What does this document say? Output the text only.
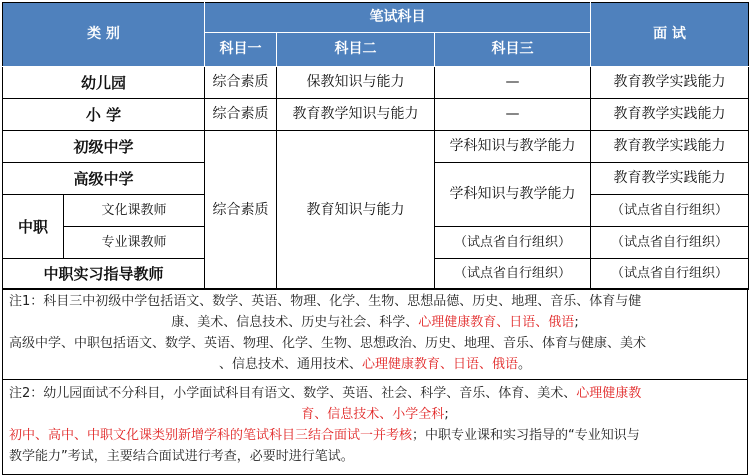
类 别		笔试科目			面 试
		科目一	科目二	科目三	
幼儿园		综合素质	保教知识与能力	—	教育教学实践能力
小 学		综合素质	教育教学知识与能力	—	教育教学实践能力
初级中学		综合素质	教育知识与能力	学科知识与教学能力	教育教学实践能力
高级中学				学科知识与教学能力	教育教学实践能力
中职	文化课教师				（试点省自行组织）
	专业课教师			（试点省自行组织）	（试点省自行组织）
中职实习指导教师				（试点省自行组织）	（试点省自行组织）
注1：科目三中初级中学包括语文、数学、英语、物理、化学、生物、思想品德、历史、地理、音乐、体育与健
康、美术、信息技术、历史与社会、科学、心理健康教育、日语、俄语;
高级中学、中职包括语文、数学、英语、物理、化学、生物、思想政治、历史、地理、音乐、体育与健康、美术
、信息技术、通用技术、心理健康教育、日语、俄语。
注2：幼儿园面试不分科目，小学面试科目有语文、数学、英语、社会、科学、音乐、体育、美术、心理健康教
育、信息技术、小学全科;
初中、高中、中职文化课类别新增学科的笔试科目三结合面试一并考核；中职专业课和实习指导的“专业知识与
教学能力”考试，主要结合面试进行考查，必要时进行笔试。
